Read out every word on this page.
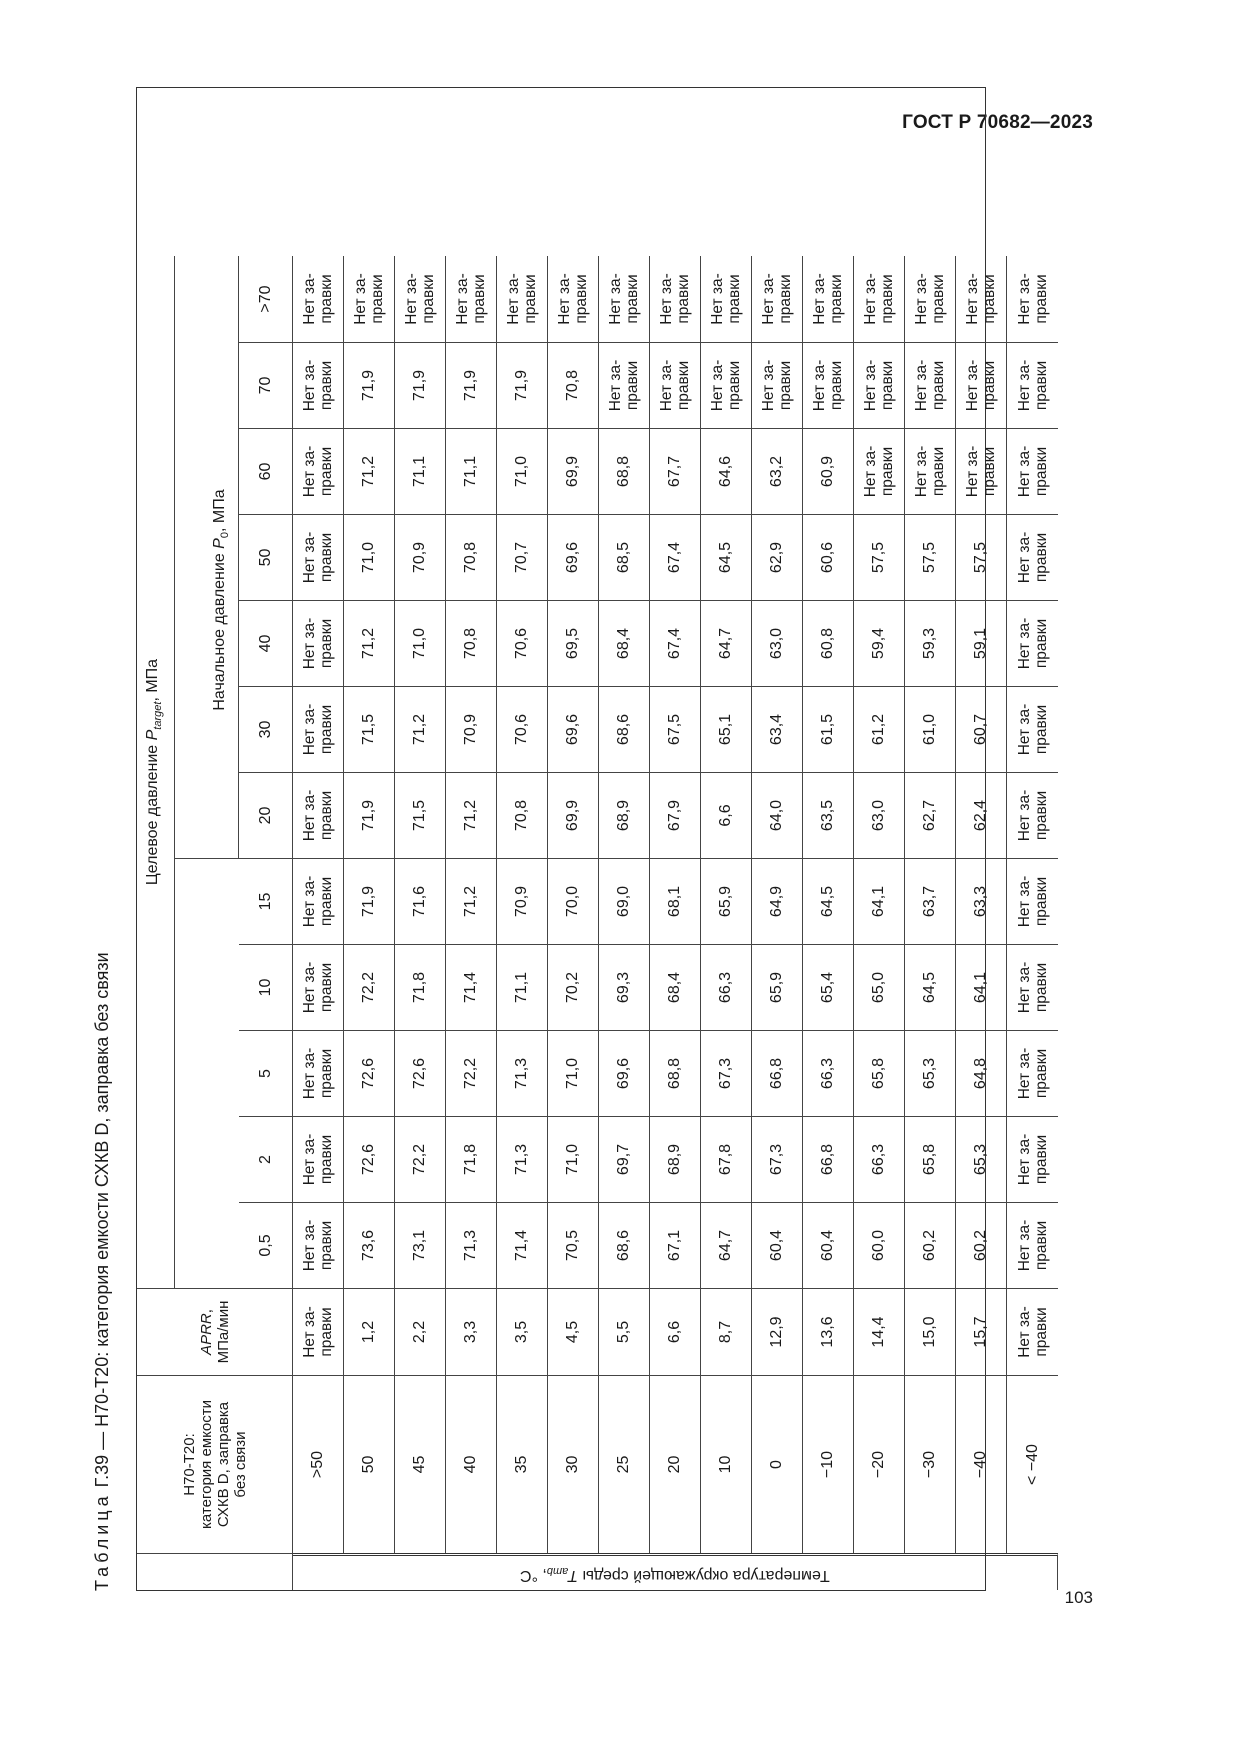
ГОСТ Р 70682—2023
103
Таблица Г.39 — Н70-Т20: категория емкости СХКВ D, заправка без связи
Температура окружающей среды $T_{amb}$, °С
Н70-Т20: категория емкости СХКВ D, заправка без связи
APRR, МПа/мин
Целевое давление $P_{target}$, МПа	Начальное давление $P_0$, МПа
0,5
2
5
10
15
20
30
40
50
60
70
>70
>50
Нет за- правки
Нет за- правки
Нет за- правки
Нет за- правки
Нет за- правки
Нет за- правки
Нет за- правки
Нет за- правки
Нет за- правки
Нет за- правки
Нет за- правки
Нет за- правки
Нет за- правки
50
1,2
73,6
72,6
72,6
72,2
71,9
71,9
71,5
71,2
71,0
71,2
71,9
Нет за- правки
45
2,2
73,1
72,2
72,6
71,8
71,6
71,5
71,2
71,0
70,9
71,1
71,9
Нет за- правки
40
3,3
71,3
71,8
72,2
71,4
71,2
71,2
70,9
70,8
70,8
71,1
71,9
Нет за- правки
35
3,5
71,4
71,3
71,3
71,1
70,9
70,8
70,6
70,6
70,7
71,0
71,9
Нет за- правки
30
4,5
70,5
71,0
71,0
70,2
70,0
69,9
69,6
69,5
69,6
69,9
70,8
Нет за- правки
25
5,5
68,6
69,7
69,6
69,3
69,0
68,9
68,6
68,4
68,5
68,8
Нет за- правки
Нет за- правки
20
6,6
67,1
68,9
68,8
68,4
68,1
67,9
67,5
67,4
67,4
67,7
Нет за- правки
Нет за- правки
10
8,7
64,7
67,8
67,3
66,3
65,9
6,6
65,1
64,7
64,5
64,6
Нет за- правки
Нет за- правки
0
12,9
60,4
67,3
66,8
65,9
64,9
64,0
63,4
63,0
62,9
63,2
Нет за- правки
Нет за- правки
−10
13,6
60,4
66,8
66,3
65,4
64,5
63,5
61,5
60,8
60,6
60,9
Нет за- правки
Нет за- правки
−20
14,4
60,0
66,3
65,8
65,0
64,1
63,0
61,2
59,4
57,5
Нет за- правки
Нет за- правки
Нет за- правки
−30
15,0
60,2
65,8
65,3
64,5
63,7
62,7
61,0
59,3
57,5
Нет за- правки
Нет за- правки
Нет за- правки
−40
15,7
60,2
65,3
64,8
64,1
63,3
62,4
60,7
59,1
57,5
Нет за- правки
Нет за- правки
Нет за- правки
< −40
Нет за- правки
Нет за- правки
Нет за- правки
Нет за- правки
Нет за- правки
Нет за- правки
Нет за- правки
Нет за- правки
Нет за- правки
Нет за- правки
Нет за- правки
Нет за- правки
Нет за- правки
